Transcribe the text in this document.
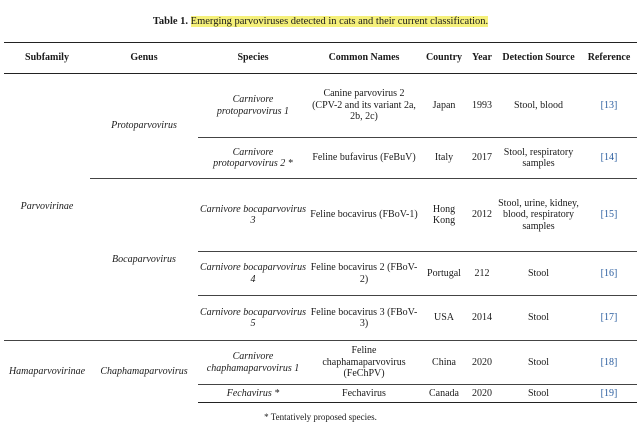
Table 1. Emerging parvoviruses detected in cats and their current classification.
Subfamily	Genus	Species	Common Names	Country	Year	Detection Source	Reference
Parvovirinae	Protoparvovirus	Carnivore protoparvovirus 1	Canine parvovirus 2 (CPV-2 and its variant 2a, 2b, 2c)	Japan	1993	Stool, blood	[13]
		Carnivore protoparvovirus 2 *	Feline bufavirus (FeBuV)	Italy	2017	Stool, respiratory samples	[14]
	Bocaparvovirus	Carnivore bocaparvovirus 3	Feline bocavirus (FBoV-1)	Hong Kong	2012	Stool, urine, kidney, blood, respiratory samples	[15]
		Carnivore bocaparvovirus 4	Feline bocavirus 2 (FBoV-2)	Portugal	212	Stool	[16]
		Carnivore bocaparvovirus 5	Feline bocavirus 3 (FBoV-3)	USA	2014	Stool	[17]
Hamaparvovirinae	Chaphamaparvovirus	Carnivore chaphamaparvovirus 1	Feline chaphamaparvovirus (FeChPV)	China	2020	Stool	[18]
		Fechavirus *	Fechavirus	Canada	2020	Stool	[19]
* Tentatively proposed species.
